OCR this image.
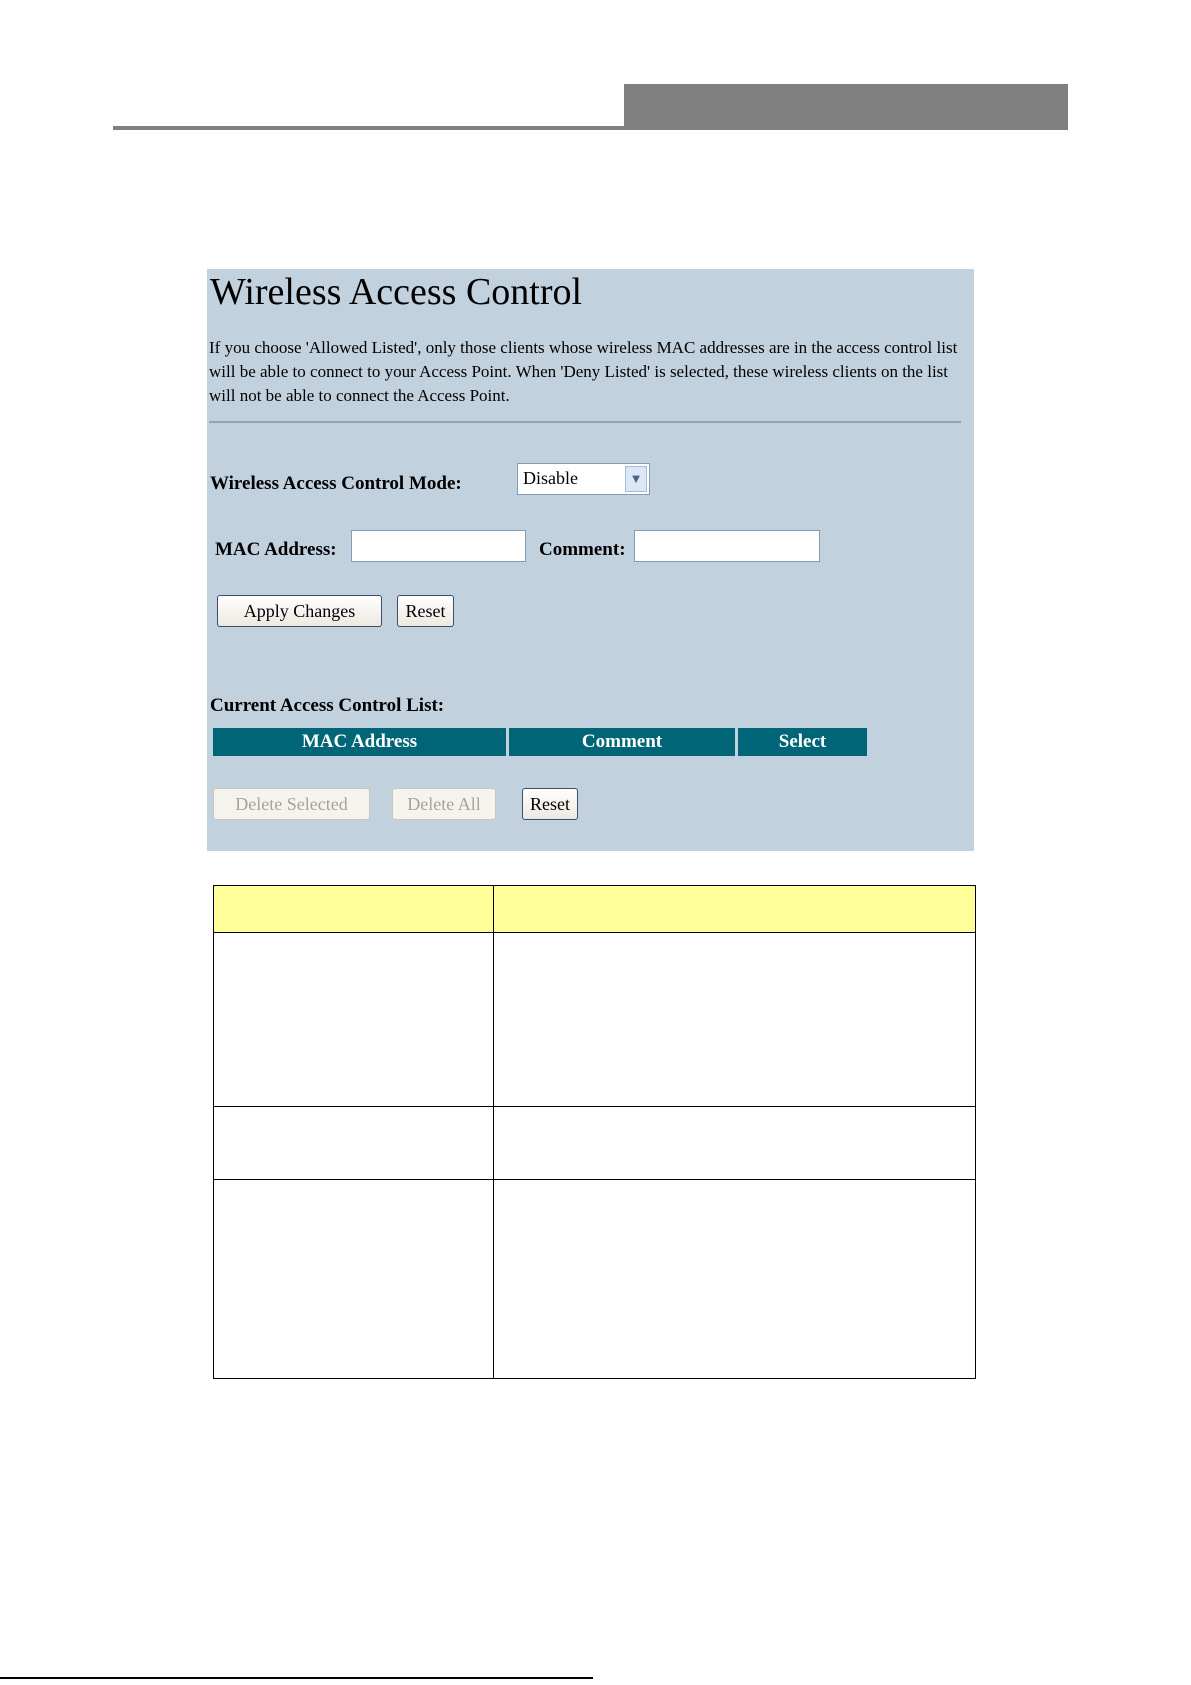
Wireless Access Control
If you choose 'Allowed Listed', only those clients whose wireless MAC addresses are in the access control list will be able to connect to your Access Point. When 'Deny Listed' is selected, these wireless clients on the list will not be able to connect the Access Point.
Wireless Access Control Mode:	Disable	▼
MAC Address:	Comment:
Apply Changes	Reset
Current Access Control List:
MAC Address	Comment	Select
Delete Selected	Delete All	Reset
